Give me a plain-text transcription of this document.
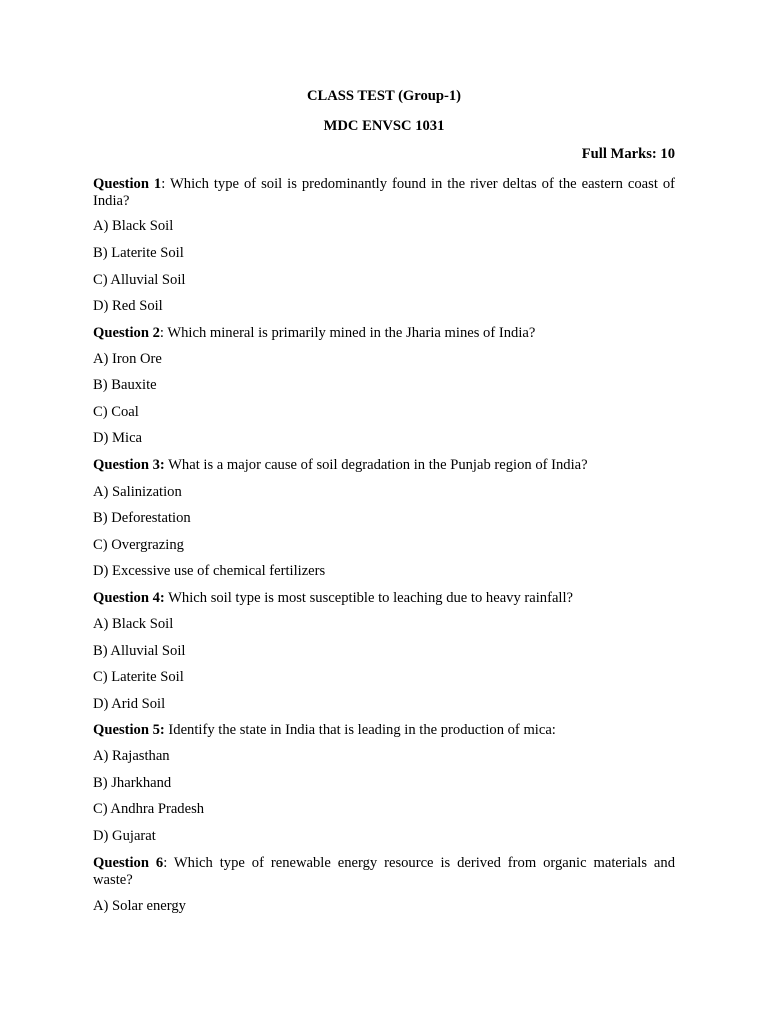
CLASS TEST (Group-1)
MDC ENVSC 1031
Full Marks: 10
Question 1: Which type of soil is predominantly found in the river deltas of the eastern coast of India?
A) Black Soil
B) Laterite Soil
C) Alluvial Soil
D) Red Soil
Question 2: Which mineral is primarily mined in the Jharia mines of India?
A) Iron Ore
B) Bauxite
C) Coal
D) Mica
Question 3: What is a major cause of soil degradation in the Punjab region of India?
A) Salinization
B) Deforestation
C) Overgrazing
D) Excessive use of chemical fertilizers
Question 4: Which soil type is most susceptible to leaching due to heavy rainfall?
A) Black Soil
B) Alluvial Soil
C) Laterite Soil
D) Arid Soil
Question 5: Identify the state in India that is leading in the production of mica:
A) Rajasthan
B) Jharkhand
C) Andhra Pradesh
D) Gujarat
Question 6: Which type of renewable energy resource is derived from organic materials and waste?
A) Solar energy
